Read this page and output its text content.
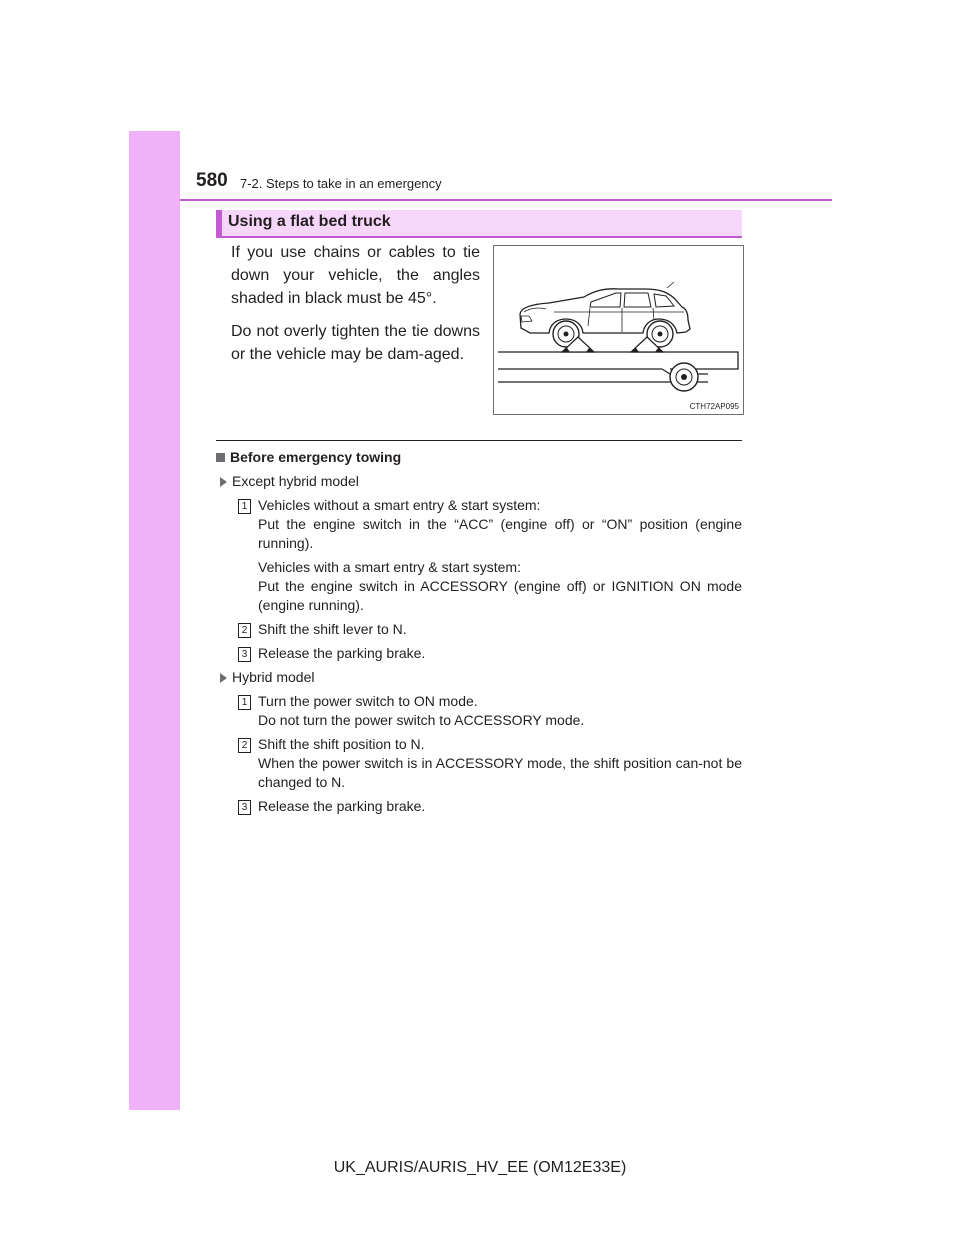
580 7-2. Steps to take in an emergency
Using a flat bed truck

If you use chains or cables to tie down your vehicle, the angles shaded in black must be 45°.

Do not overly tighten the tie downs or the vehicle may be dam-aged.

CTH72AP095
Before emergency towing
Except hybrid model
1 Vehicles without a smart entry & start system:
Put the engine switch in the “ACC” (engine off) or “ON” position (engine running).

Vehicles with a smart entry & start system:
Put the engine switch in ACCESSORY (engine off) or IGNITION ON mode (engine running).

2 Shift the shift lever to N.

3 Release the parking brake.

Hybrid model
1 Turn the power switch to ON mode.
Do not turn the power switch to ACCESSORY mode.

2 Shift the shift position to N.
When the power switch is in ACCESSORY mode, the shift position can-not be changed to N.

3 Release the parking brake.

UK_AURIS/AURIS_HV_EE (OM12E33E)
